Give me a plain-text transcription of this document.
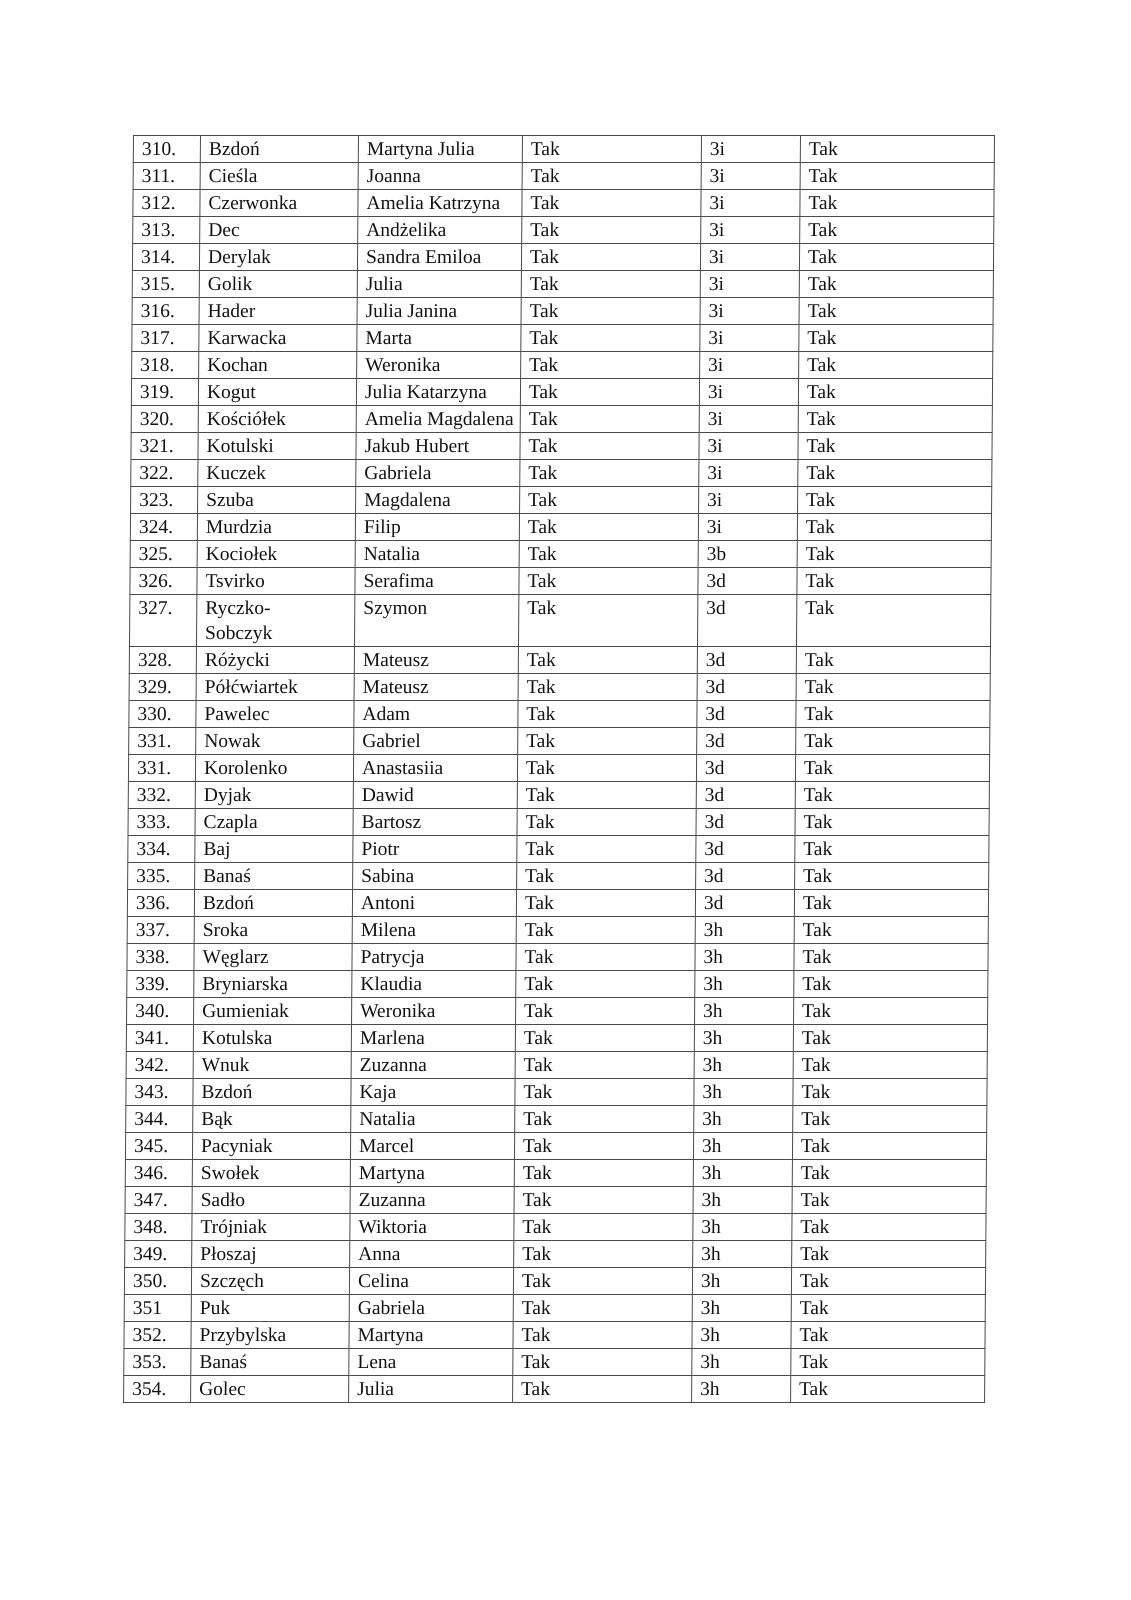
310.	Bzdoń	Martyna Julia	Tak	3i	Tak
311.	Cieśla	Joanna	Tak	3i	Tak
312.	Czerwonka	Amelia Katrzyna	Tak	3i	Tak
313.	Dec	Andżelika	Tak	3i	Tak
314.	Derylak	Sandra Emiloa	Tak	3i	Tak
315.	Golik	Julia	Tak	3i	Tak
316.	Hader	Julia Janina	Tak	3i	Tak
317.	Karwacka	Marta	Tak	3i	Tak
318.	Kochan	Weronika	Tak	3i	Tak
319.	Kogut	Julia Katarzyna	Tak	3i	Tak
320.	Kościółek	Amelia Magdalena	Tak	3i	Tak
321.	Kotulski	Jakub Hubert	Tak	3i	Tak
322.	Kuczek	Gabriela	Tak	3i	Tak
323.	Szuba	Magdalena	Tak	3i	Tak
324.	Murdzia	Filip	Tak	3i	Tak
325.	Kociołek	Natalia	Tak	3b	Tak
326.	Tsvirko	Serafima	Tak	3d	Tak
327.	Ryczko-
Sobczyk	Szymon	Tak	3d	Tak
328.	Różycki	Mateusz	Tak	3d	Tak
329.	Półćwiartek	Mateusz	Tak	3d	Tak
330.	Pawelec	Adam	Tak	3d	Tak
331.	Nowak	Gabriel	Tak	3d	Tak
331.	Korolenko	Anastasiia	Tak	3d	Tak
332.	Dyjak	Dawid	Tak	3d	Tak
333.	Czapla	Bartosz	Tak	3d	Tak
334.	Baj	Piotr	Tak	3d	Tak
335.	Banaś	Sabina	Tak	3d	Tak
336.	Bzdoń	Antoni	Tak	3d	Tak
337.	Sroka	Milena	Tak	3h	Tak
338.	Węglarz	Patrycja	Tak	3h	Tak
339.	Bryniarska	Klaudia	Tak	3h	Tak
340.	Gumieniak	Weronika	Tak	3h	Tak
341.	Kotulska	Marlena	Tak	3h	Tak
342.	Wnuk	Zuzanna	Tak	3h	Tak
343.	Bzdoń	Kaja	Tak	3h	Tak
344.	Bąk	Natalia	Tak	3h	Tak
345.	Pacyniak	Marcel	Tak	3h	Tak
346.	Swołek	Martyna	Tak	3h	Tak
347.	Sadło	Zuzanna	Tak	3h	Tak
348.	Trójniak	Wiktoria	Tak	3h	Tak
349.	Płoszaj	Anna	Tak	3h	Tak
350.	Szczęch	Celina	Tak	3h	Tak
351	Puk	Gabriela	Tak	3h	Tak
352.	Przybylska	Martyna	Tak	3h	Tak
353.	Banaś	Lena	Tak	3h	Tak
354.	Golec	Julia	Tak	3h	Tak
